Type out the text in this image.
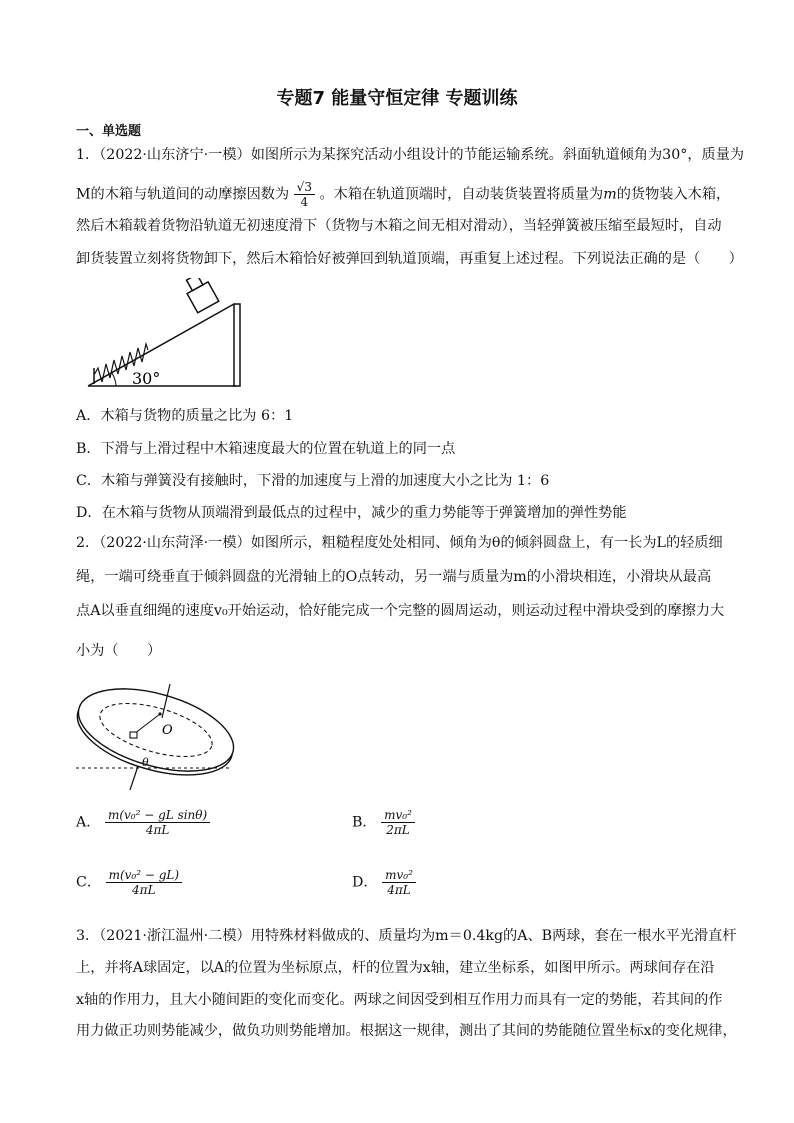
专题7 能量守恒定律 专题训练
一、单选题
1．（2022·山东济宁·一模）如图所示为某探究活动小组设计的节能运输系统。斜面轨道倾角为30°，质量为
M的木箱与轨道间的动摩擦因数为 $\frac{√3}{4}$ 。木箱在轨道顶端时，自动装货装置将质量为m的货物装入木箱，
然后木箱载着货物沿轨道无初速度滑下（货物与木箱之间无相对滑动），当轻弹簧被压缩至最短时，自动
卸货装置立刻将货物卸下，然后木箱恰好被弹回到轨道顶端，再重复上述过程。下列说法正确的是（　　）
30°
A．木箱与货物的质量之比为 6：1
B．下滑与上滑过程中木箱速度最大的位置在轨道上的同一点
C．木箱与弹簧没有接触时，下滑的加速度与上滑的加速度大小之比为 1：6
D．在木箱与货物从顶端滑到最低点的过程中，减少的重力势能等于弹簧增加的弹性势能
2．（2022·山东菏泽·一模）如图所示，粗糙程度处处相同、倾角为θ的倾斜圆盘上，有一长为L的轻质细
绳，一端可绕垂直于倾斜圆盘的光滑轴上的O点转动，另一端与质量为m的小滑块相连，小滑块从最高
点A以垂直细绳的速度v₀开始运动，恰好能完成一个完整的圆周运动，则运动过程中滑块受到的摩擦力大
小为（　　）
O
θ
A． $\frac{\text{m(v₀² − gL sinθ)}}{4\pi L}$	B． $\frac{\text{mv₀²}}{2\pi L}$
C． $\frac{\text{m(v₀² − gL)}}{4\pi L}$	D． $\frac{\text{mv₀²}}{4\pi L}$
3．（2021·浙江温州·二模）用特殊材料做成的、质量均为m＝0.4kg的A、B两球，套在一根水平光滑直杆
上，并将A球固定，以A的位置为坐标原点，杆的位置为x轴，建立坐标系，如图甲所示。两球间存在沿
x轴的作用力，且大小随间距的变化而变化。两球之间因受到相互作用力而具有一定的势能，若其间的作
用力做正功则势能减少，做负功则势能增加。根据这一规律，测出了其间的势能随位置坐标x的变化规律，
